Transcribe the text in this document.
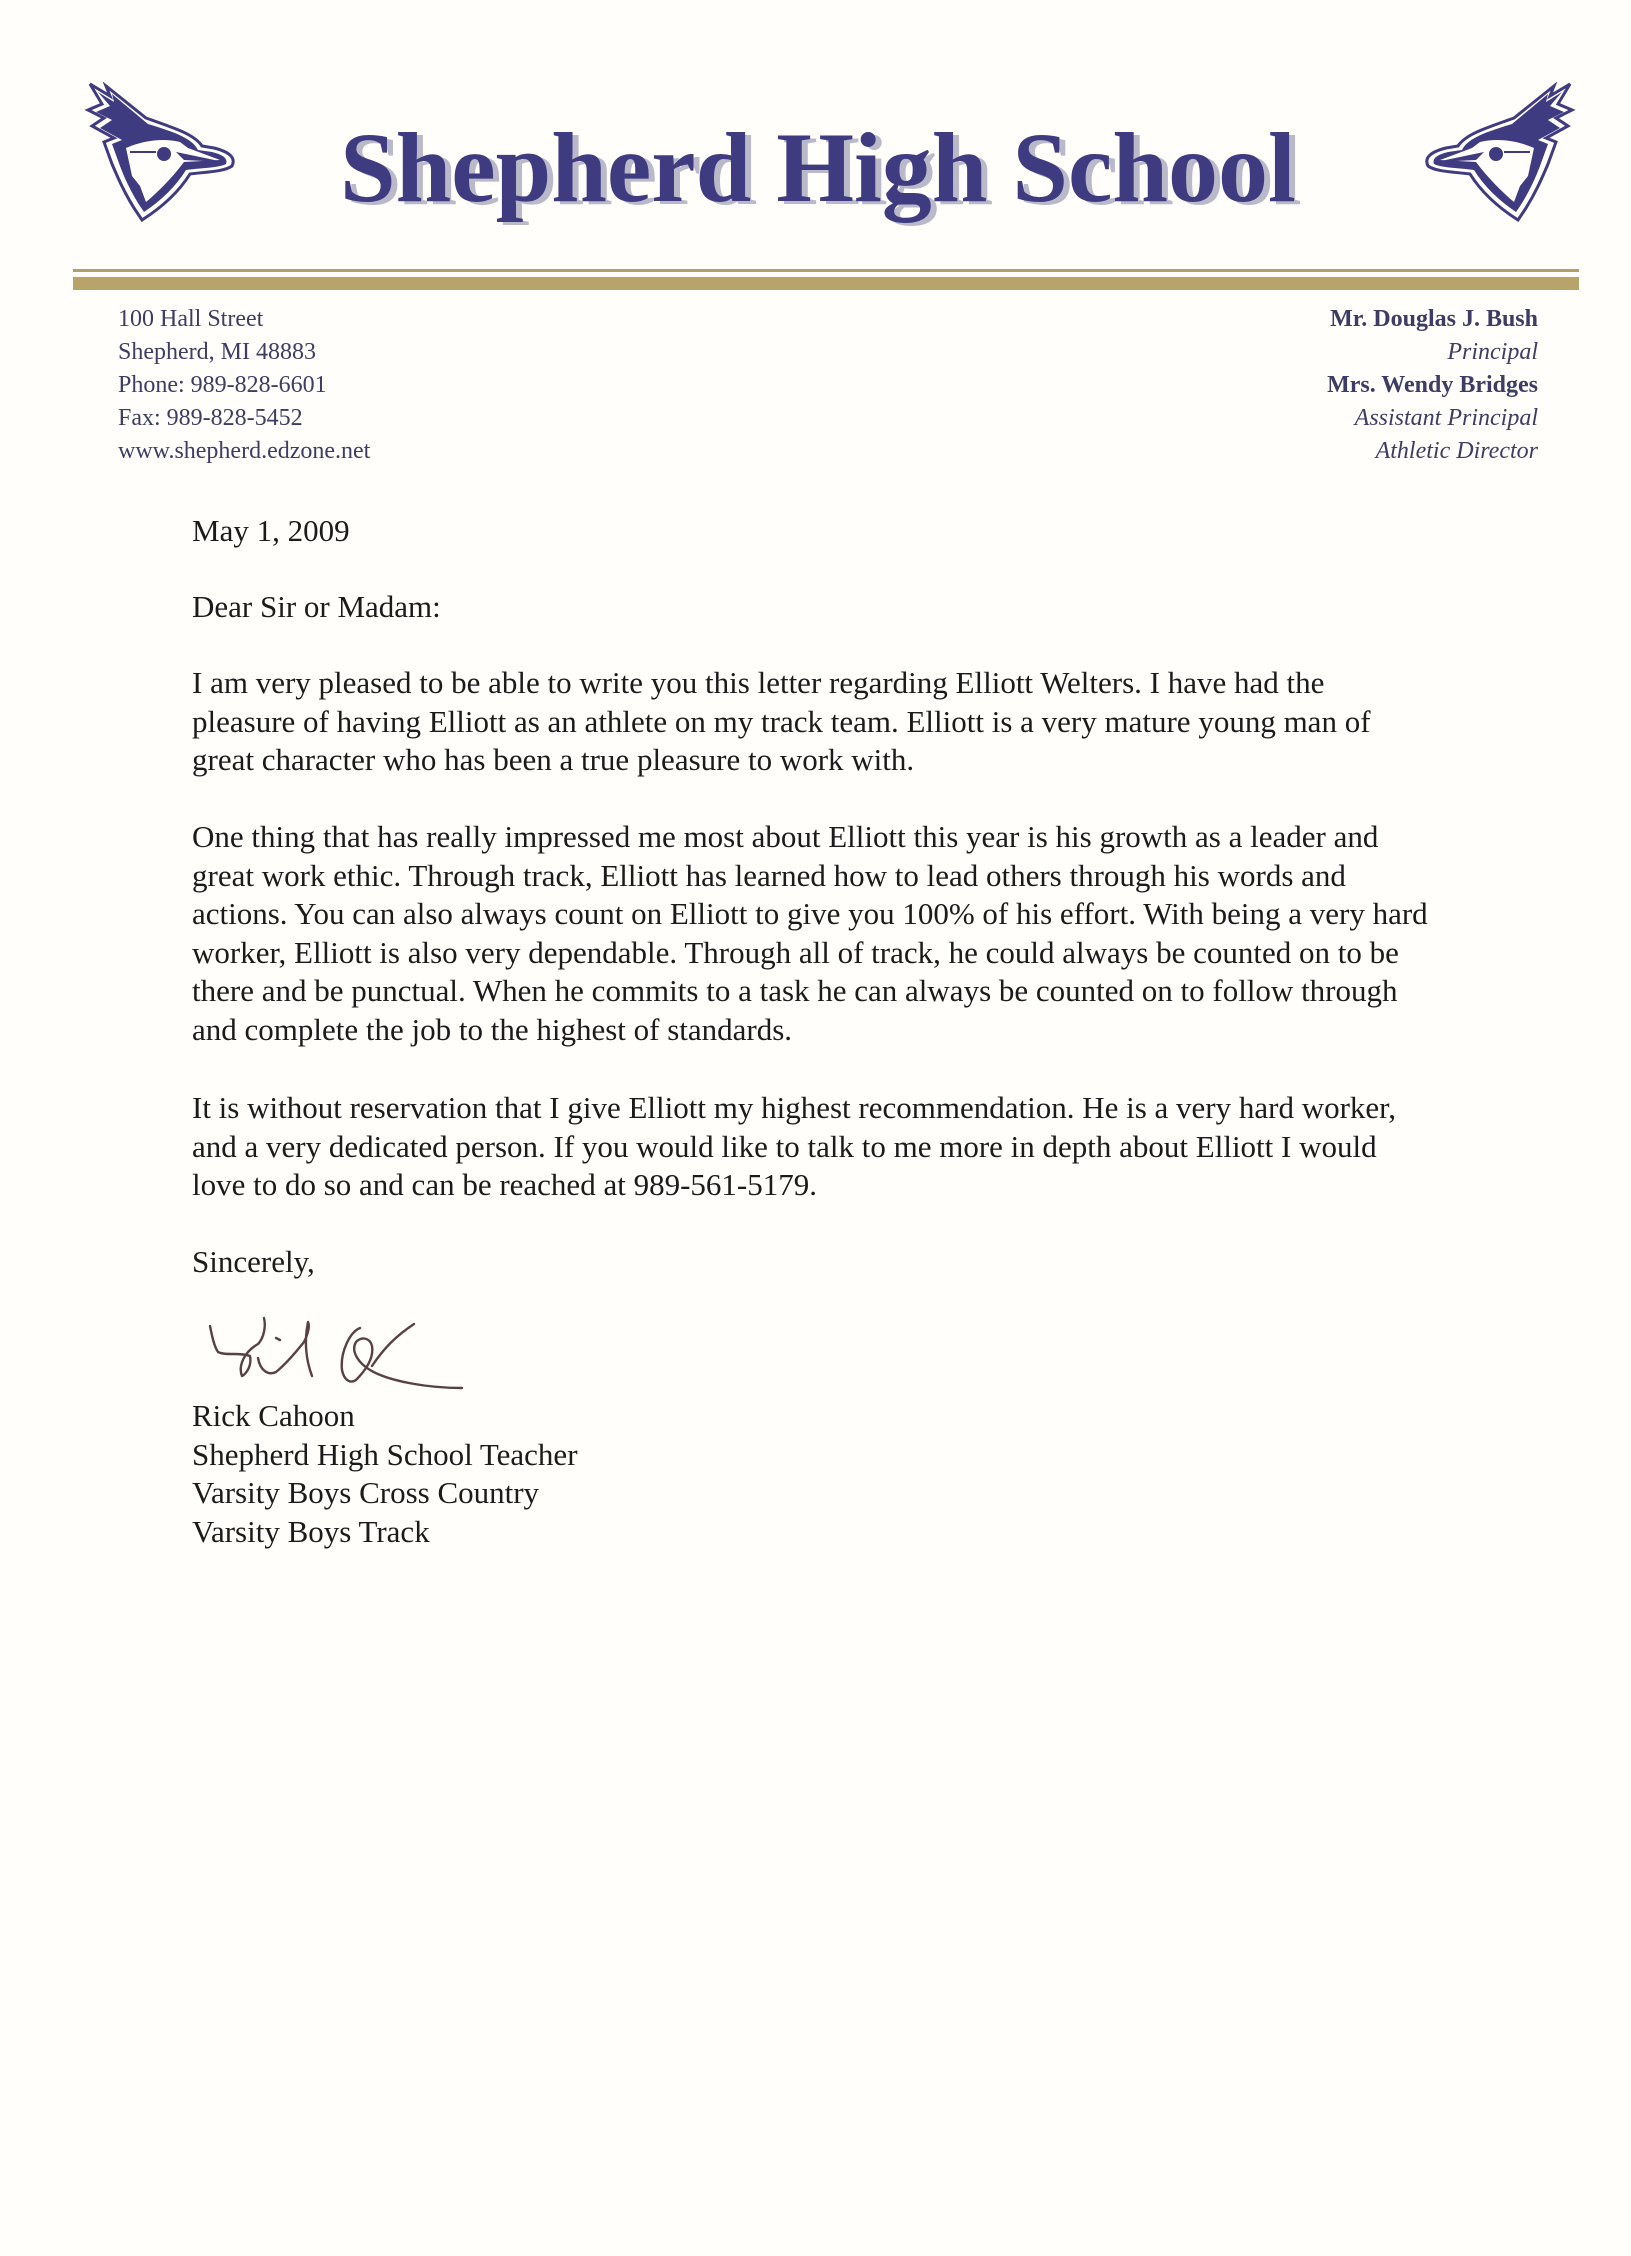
Shepherd High School
100 Hall Street
Shepherd, MI 48883
Phone: 989-828-6601
Fax: 989-828-5452
www.shepherd.edzone.net
Mr. Douglas J. Bush
Principal
Mrs. Wendy Bridges
Assistant Principal
Athletic Director
May 1, 2009
Dear Sir or Madam:

I am very pleased to be able to write you this letter regarding Elliott Welters. I have had the pleasure of having Elliott as an athlete on my track team. Elliott is a very mature young man of great character who has been a true pleasure to work with.

One thing that has really impressed me most about Elliott this year is his growth as a leader and great work ethic. Through track, Elliott has learned how to lead others through his words and actions. You can also always count on Elliott to give you 100% of his effort. With being a very hard worker, Elliott is also very dependable. Through all of track, he could always be counted on to be there and be punctual. When he commits to a task he can always be counted on to follow through and complete the job to the highest of standards.

It is without reservation that I give Elliott my highest recommendation. He is a very hard worker, and a very dedicated person. If you would like to talk to me more in depth about Elliott I would love to do so and can be reached at 989-561-5179.

Sincerely,
Rick Cahoon
Shepherd High School Teacher
Varsity Boys Cross Country
Varsity Boys Track
